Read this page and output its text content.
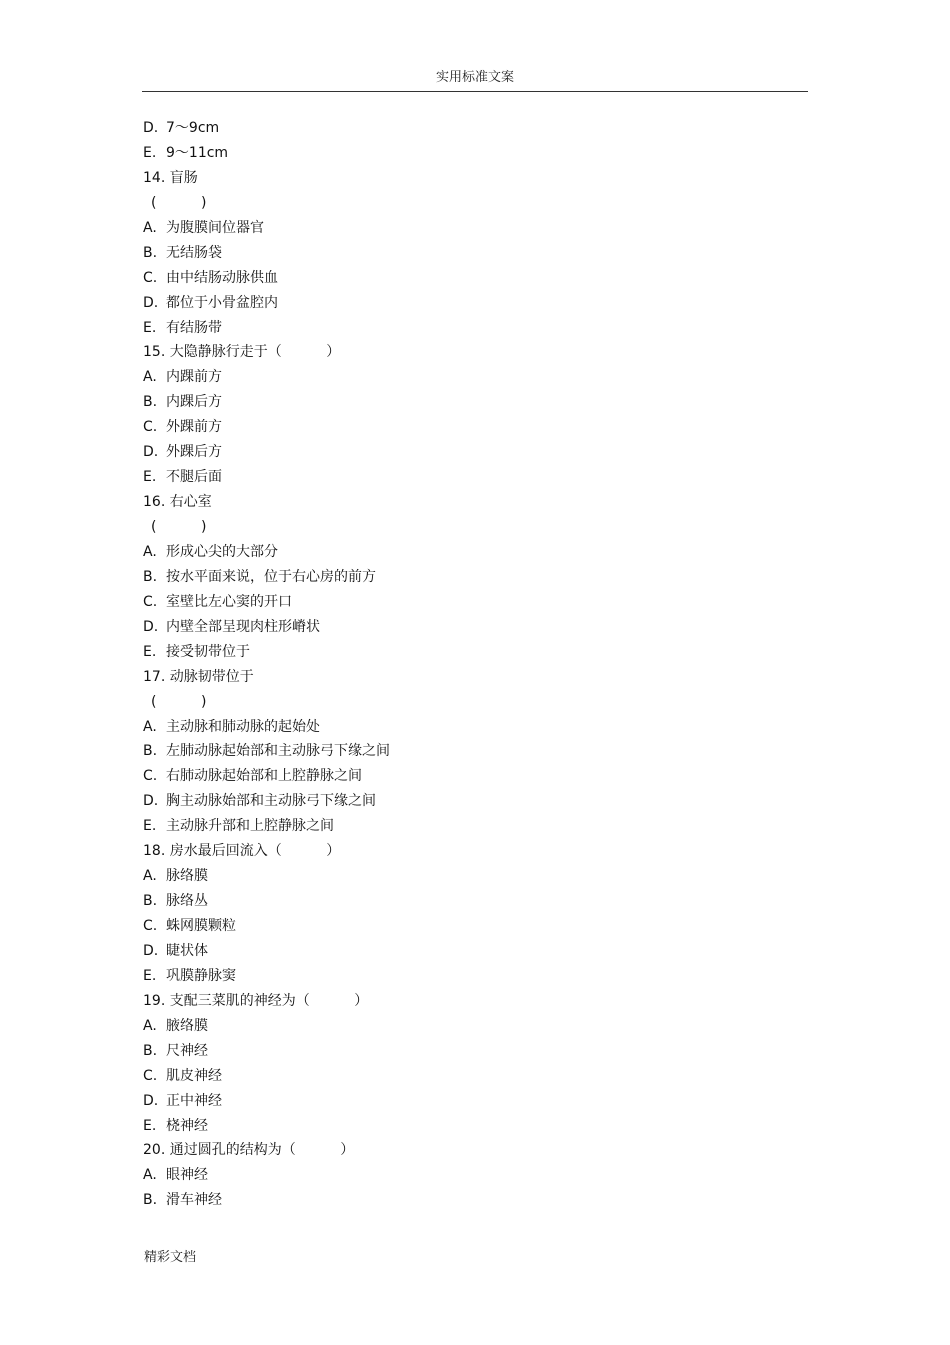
实用标准文案
D. 7～9cm
E. 9～11cm
14. 盲肠
(          )
A. 为腹膜间位器官
B. 无结肠袋
C. 由中结肠动脉供血
D. 都位于小骨盆腔内
E. 有结肠带
15. 大隐静脉行走于（          ）
A. 内踝前方
B. 内踝后方
C. 外踝前方
D. 外踝后方
E. 不腿后面
16. 右心室
(          )
A. 形成心尖的大部分
B. 按水平面来说，位于右心房的前方
C. 室壁比左心窦的开口
D. 内壁全部呈现肉柱形嵴状
E. 接受韧带位于
17. 动脉韧带位于
(          )
A. 主动脉和肺动脉的起始处
B. 左肺动脉起始部和主动脉弓下缘之间
C. 右肺动脉起始部和上腔静脉之间
D. 胸主动脉始部和主动脉弓下缘之间
E. 主动脉升部和上腔静脉之间
18. 房水最后回流入（          ）
A. 脉络膜
B. 脉络丛
C. 蛛网膜颗粒
D. 睫状体
E. 巩膜静脉窦
19. 支配三菜肌的神经为（          ）
A. 腋络膜
B. 尺神经
C. 肌皮神经
D. 正中神经
E. 桡神经
20. 通过圆孔的结构为（          ）
A. 眼神经
B. 滑车神经
精彩文档
